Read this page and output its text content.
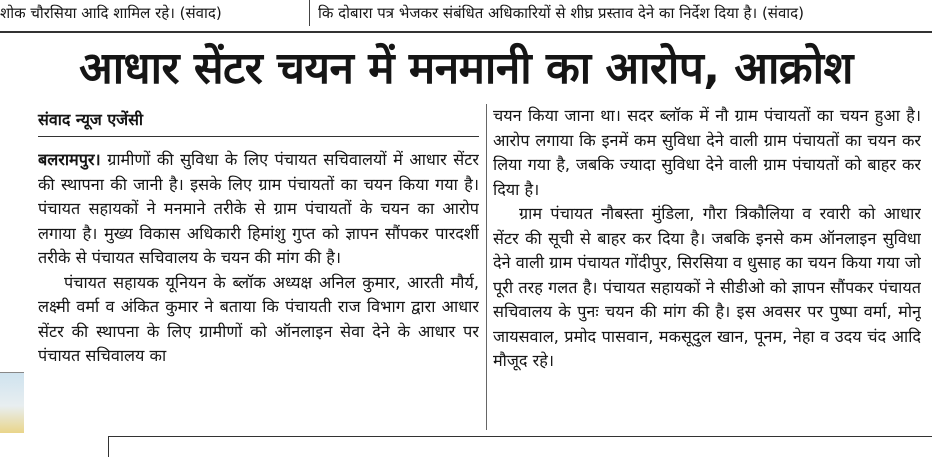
शोक चौरसिया आदि शामिल रहे। (संवाद)	कि दोबारा पत्र भेजकर संबंधित अधिकारियों से शीघ्र प्रस्ताव देने का निर्देश दिया है। (संवाद)
आधार सेंटर चयन में मनमानी का आरोप, आक्रोश
संवाद न्यूज एजेंसी

बलरामपुर। ग्रामीणों की सुविधा के लिए पंचायत सचिवालयों में आधार सेंटर की स्थापना की जानी है। इसके लिए ग्राम पंचायतों का चयन किया गया है। पंचायत सहायकों ने मनमाने तरीके से ग्राम पंचायतों के चयन का आरोप लगाया है। मुख्य विकास अधिकारी हिमांशु गुप्त को ज्ञापन सौंपकर पारदर्शी तरीके से पंचायत सचिवालय के चयन की मांग की है।

पंचायत सहायक यूनियन के ब्लॉक अध्यक्ष अनिल कुमार, आरती मौर्य, लक्ष्मी वर्मा व अंकित कुमार ने बताया कि पंचायती राज विभाग द्वारा आधार सेंटर की स्थापना के लिए ग्रामीणों को ऑनलाइन सेवा देने के आधार पर पंचायत सचिवालय का

चयन किया जाना था। सदर ब्लॉक में नौ ग्राम पंचायतों का चयन हुआ है। आरोप लगाया कि इनमें कम सुविधा देने वाली ग्राम पंचायतों का चयन कर लिया गया है, जबकि ज्यादा सुविधा देने वाली ग्राम पंचायतों को बाहर कर दिया है।

ग्राम पंचायत नौबस्ता मुंडिला, गौरा त्रिकौलिया व रवारी को आधार सेंटर की सूची से बाहर कर दिया है। जबकि इनसे कम ऑनलाइन सुविधा देने वाली ग्राम पंचायत गोंदीपुर, सिरसिया व धुसाह का चयन किया गया जो पूरी तरह गलत है। पंचायत सहायकों ने सीडीओ को ज्ञापन सौंपकर पंचायत सचिवालय के पुनः चयन की मांग की है। इस अवसर पर पुष्पा वर्मा, मोनू जायसवाल, प्रमोद पासवान, मकसूदुल खान, पूनम, नेहा व उदय चंद आदि मौजूद रहे।
